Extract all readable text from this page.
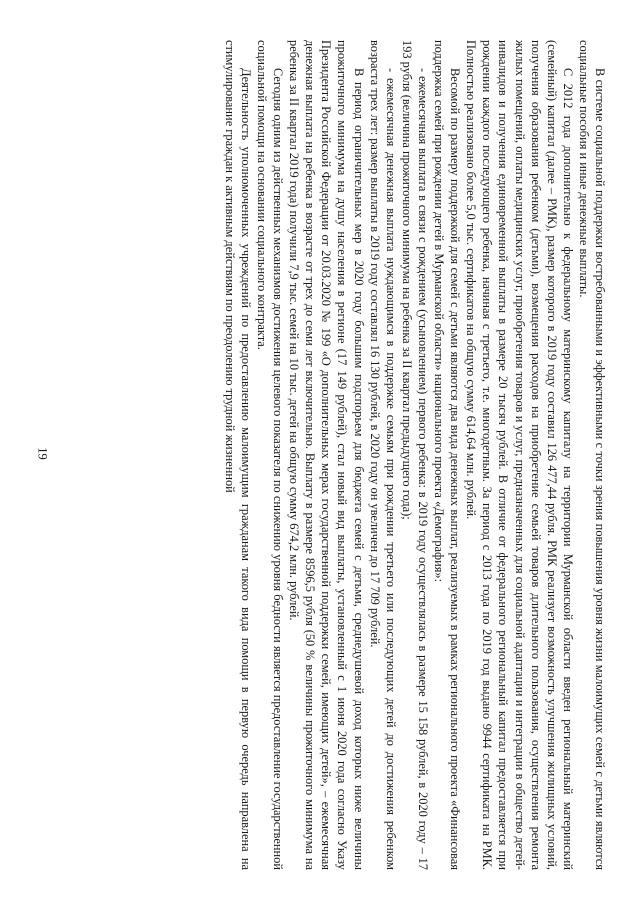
19	В системе социальной поддержки востребованными и эффективными с точки зрения повышения уровня жизни малоимущих семей с детьми являются социальные пособия и иные денежные выплаты.

С 2012 года дополнительно к федеральному материнскому капиталу на территории Мурманской области введен региональный материнский (семейный) капитал (далее – РМК), размер которого в 2019 году составил 126 477,44 рубля. РМК реализует возможность улучшения жилищных условий, получения образования ребенком (детьми), возмещения расходов на приобретение семьей товаров длительного пользования, осуществления ремонта жилых помещений, оплаты медицинских услуг, приобретения товаров и услуг, предназначенных для социальной адаптации и интеграции в общество детей-инвалидов и получения единовременной выплаты в размере 20 тысяч рублей. В отличие от федерального региональный капитал предоставляется при рождении каждого последующего ребенка, начиная с третьего, т.е. многодетным. За период с 2013 года по 2019 год выдано 9944 сертификата на РМК. Полностью реализовано более 5,0 тыс. сертификатов на общую сумму 614,64 млн. рублей.

Весомой по размеру поддержкой для семей с детьми являются два вида денежных выплат, реализуемых в рамках регионального проекта «Финансовая поддержка семей при рождении детей в Мурманской области» национального проекта «Демография»:

- ежемесячная выплата в связи с рождением (усыновлением) первого ребенка: в 2019 году осуществлялась в размере 15 158 рублей, в 2020 году – 17 193 рубля (величина прожиточного минимума на ребенка за II квартал предыдущего года);

- ежемесячная денежная выплата нуждающимся в поддержке семьям при рождении третьего или последующих детей до достижения ребенком возраста трех лет: размер выплаты в 2019 году составлял 16 130 рублей, в 2020 году он увеличен до 17 709 рублей.

В период ограничительных мер в 2020 году большим подспорьем для бюджета семей с детьми, среднедушевой доход которых ниже величины прожиточного минимума на душу населения в регионе (17 149 рублей), стал новый вид выплаты, установленный с 1 июня 2020 года согласно Указу Президента Российской Федерации от 20.03.2020 № 199 «О дополнительных мерах государственной поддержки семей, имеющих детей», – ежемесячная денежная выплата на ребенка в возрасте от трех до семи лет включительно. Выплату в размере 8596,5 рубля (50 % величины прожиточного минимума на ребенка за II квартал 2019 года) получили 7,9 тыс. семей на 10 тыс. детей на общую сумму 674,2 млн. рублей.

Сегодня одним из действенных механизмов достижения целевого показателя по снижению уровня бедности является предоставление государственной социальной помощи на основании социального контракта.

Деятельность уполномоченных учреждений по предоставлению малоимущим гражданам такого вида помощи в первую очередь направлена на стимулирование граждан к активным действиям по преодолению трудной жизненной
